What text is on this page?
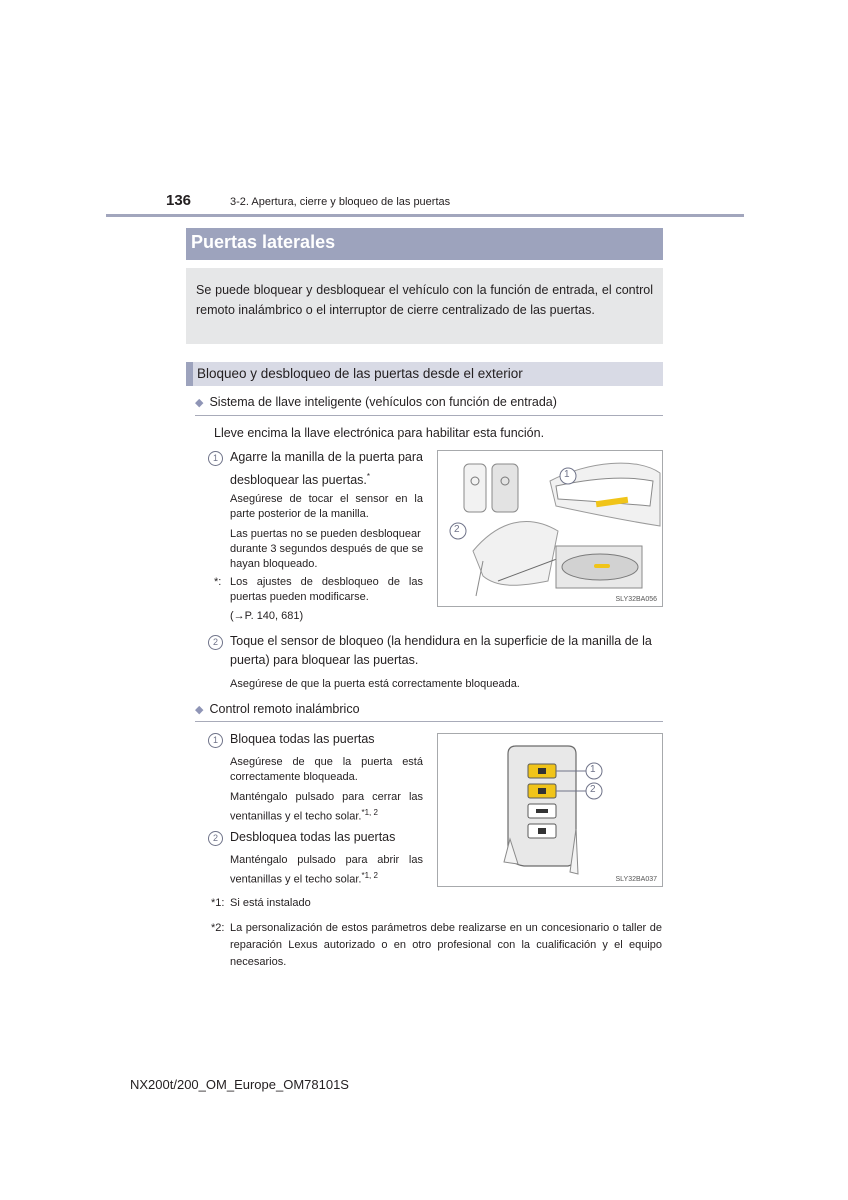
136	3-2. Apertura, cierre y bloqueo de las puertas
Puertas laterales
Se puede bloquear y desbloquear el vehículo con la función de entrada, el control remoto inalámbrico o el interruptor de cierre centralizado de las puertas.
Bloqueo y desbloqueo de las puertas desde el exterior
◆ Sistema de llave inteligente (vehículos con función de entrada)
Lleve encima la llave electrónica para habilitar esta función.
1 Agarre la manilla de la puerta para desbloquear las puertas.*
Asegúrese de tocar el sensor en la parte posterior de la manilla.
Las puertas no se pueden desbloquear durante 3 segundos después de que se hayan bloqueado.
*: Los ajustes de desbloqueo de las puertas pueden modificarse.
(→P. 140, 681)
1
2
SLY32BA056
2 Toque el sensor de bloqueo (la hendidura en la superficie de la manilla de la puerta) para bloquear las puertas.
Asegúrese de que la puerta está correctamente bloqueada.
◆ Control remoto inalámbrico
1 Bloquea todas las puertas
Asegúrese de que la puerta está correctamente bloqueada.
Manténgalo pulsado para cerrar las ventanillas y el techo solar.$^{*1, 2}$
2 Desbloquea todas las puertas
Manténgalo pulsado para abrir las ventanillas y el techo solar.$^{*1, 2}$
1
2
SLY32BA037
*1: Si está instalado
*2: La personalización de estos parámetros debe realizarse en un concesionario o taller de reparación Lexus autorizado o en otro profesional con la cualificación y el equipo necesarios.
NX200t/200_OM_Europe_OM78101S
